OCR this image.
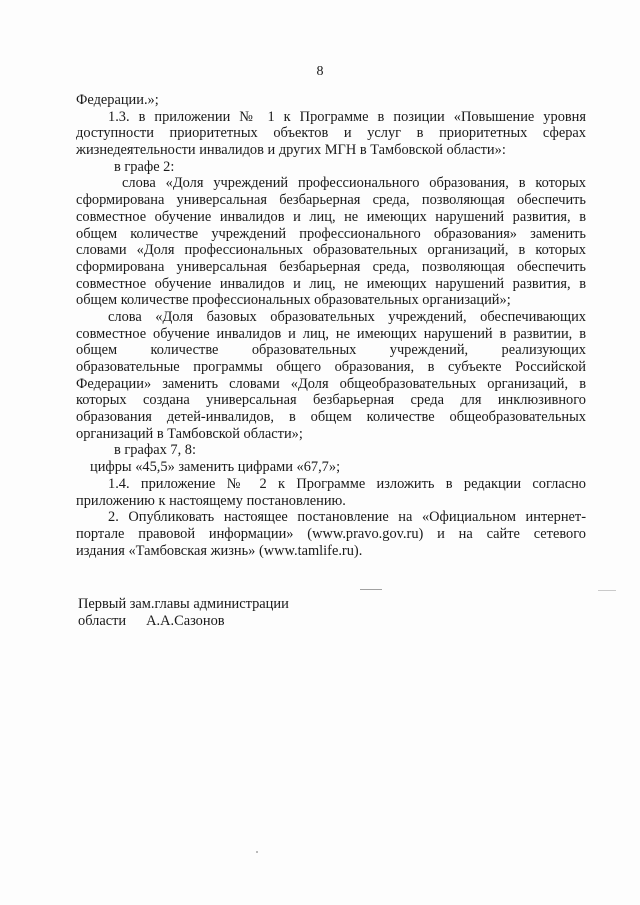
8
Федерации.»;
1.3. в приложении № 1 к Программе в позиции «Повышение уровня
доступности приоритетных объектов и услуг в приоритетных сферах
жизнедеятельности инвалидов и других МГН в Тамбовской области»:
в графе 2:
слова «Доля учреждений профессионального образования, в которых
сформирована универсальная безбарьерная среда, позволяющая обеспечить
совместное обучение инвалидов и лиц, не имеющих нарушений развития, в
общем количестве учреждений профессионального образования» заменить
словами «Доля профессиональных образовательных организаций, в которых
сформирована универсальная безбарьерная среда, позволяющая обеспечить
совместное обучение инвалидов и лиц, не имеющих нарушений развития, в
общем количестве профессиональных образовательных организаций»;
слова «Доля базовых образовательных учреждений, обеспечивающих
совместное обучение инвалидов и лиц, не имеющих нарушений в развитии, в
общем количестве образовательных учреждений, реализующих
образовательные программы общего образования, в субъекте Российской
Федерации» заменить словами «Доля общеобразовательных организаций, в
которых создана универсальная безбарьерная среда для инклюзивного
образования детей-инвалидов, в общем количестве общеобразовательных
организаций в Тамбовской области»;
в графах 7, 8:
цифры «45,5» заменить цифрами «67,7»;
1.4. приложение № 2 к Программе изложить в редакции согласно
приложению к настоящему постановлению.
2. Опубликовать настоящее постановление на «Официальном интернет-
портале правовой информации» (www.pravo.gov.ru) и на сайте сетевого
издания «Тамбовская жизнь» (www.tamlife.ru).
Первый зам.главы администрации
области А.А.Сазонов
